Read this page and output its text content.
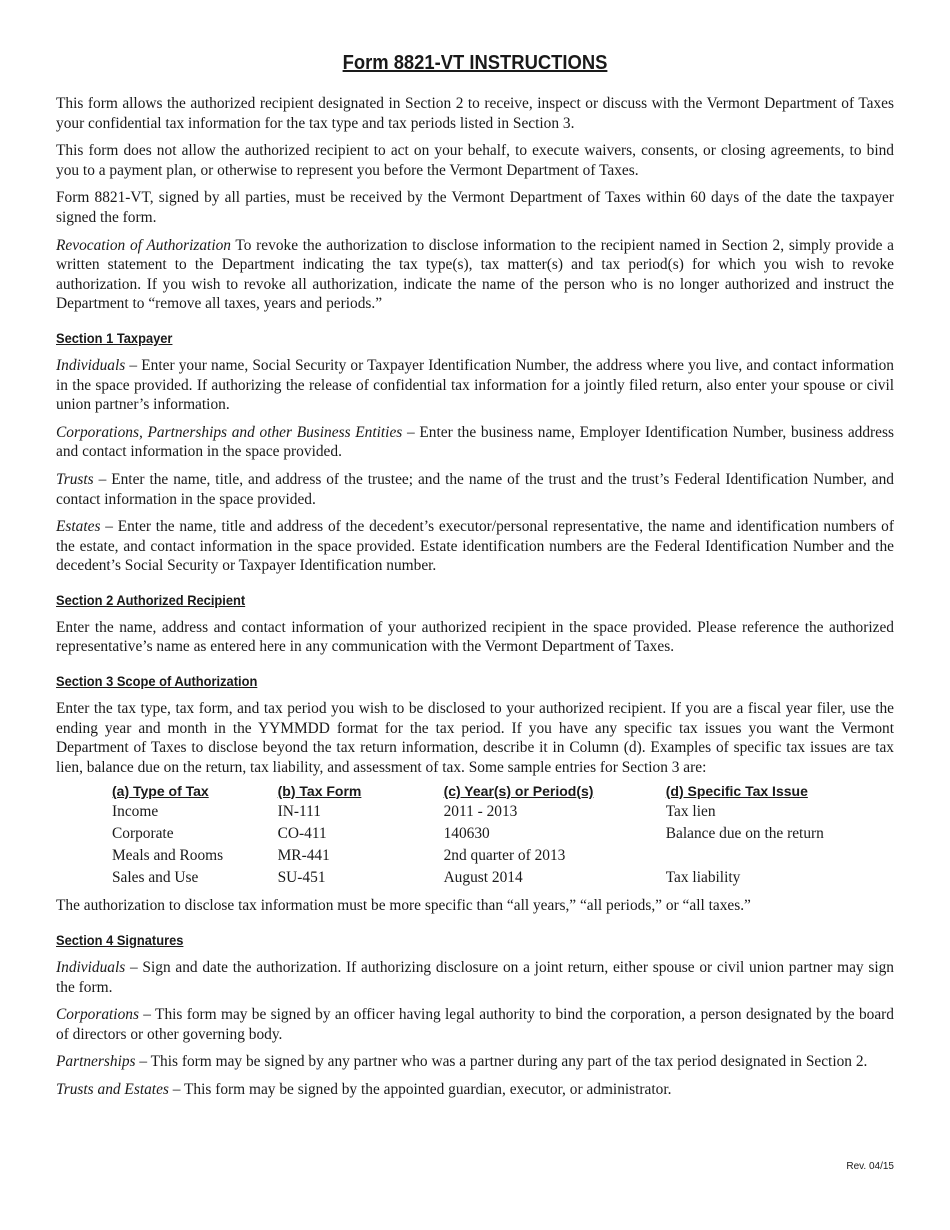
Form 8821-VT INSTRUCTIONS

This form allows the authorized recipient designated in Section 2 to receive, inspect or discuss with the Vermont Department of Taxes your confidential tax information for the tax type and tax periods listed in Section 3.

This form does not allow the authorized recipient to act on your behalf, to execute waivers, consents, or closing agreements, to bind you to a payment plan, or otherwise to represent you before the Vermont Department of Taxes.

Form 8821-VT, signed by all parties, must be received by the Vermont Department of Taxes within 60 days of the date the taxpayer signed the form.

Revocation of Authorization To revoke the authorization to disclose information to the recipient named in Section 2, simply provide a written statement to the Department indicating the tax type(s), tax matter(s) and tax period(s) for which you wish to revoke authorization. If you wish to revoke all authorization, indicate the name of the person who is no longer authorized and instruct the Department to “remove all taxes, years and periods.”

Section 1 Taxpayer

Individuals – Enter your name, Social Security or Taxpayer Identification Number, the address where you live, and contact information in the space provided. If authorizing the release of confidential tax information for a jointly filed return, also enter your spouse or civil union partner’s information.

Corporations, Partnerships and other Business Entities – Enter the business name, Employer Identification Number, business address and contact information in the space provided.

Trusts – Enter the name, title, and address of the trustee; and the name of the trust and the trust’s Federal Identification Number, and contact information in the space provided.

Estates – Enter the name, title and address of the decedent’s executor/personal representative, the name and identification numbers of the estate, and contact information in the space provided. Estate identification numbers are the Federal Identification Number and the decedent’s Social Security or Taxpayer Identification number.

Section 2 Authorized Recipient

Enter the name, address and contact information of your authorized recipient in the space provided. Please reference the authorized representative’s name as entered here in any communication with the Vermont Department of Taxes.

Section 3 Scope of Authorization

Enter the tax type, tax form, and tax period you wish to be disclosed to your authorized recipient. If you are a fiscal year filer, use the ending year and month in the YYMMDD format for the tax period. If you have any specific tax issues you want the Vermont Department of Taxes to disclose beyond the tax return information, describe it in Column (d). Examples of specific tax issues are tax lien, balance due on the return, tax liability, and assessment of tax. Some sample entries for Section 3 are:

(a) Type of Tax	(b) Tax Form	(c) Year(s) or Period(s)	(d) Specific Tax Issue
Income	IN-111	2011 - 2013	Tax lien
Corporate	CO-411	140630	Balance due on the return
Meals and Rooms	MR-441	2nd quarter of 2013	
Sales and Use	SU-451	August 2014	Tax liability

The authorization to disclose tax information must be more specific than “all years,” “all periods,” or “all taxes.”

Section 4 Signatures

Individuals – Sign and date the authorization. If authorizing disclosure on a joint return, either spouse or civil union partner may sign the form.

Corporations – This form may be signed by an officer having legal authority to bind the corporation, a person designated by the board of directors or other governing body.

Partnerships – This form may be signed by any partner who was a partner during any part of the tax period designated in Section 2.

Trusts and Estates – This form may be signed by the appointed guardian, executor, or administrator.

Rev. 04/15
